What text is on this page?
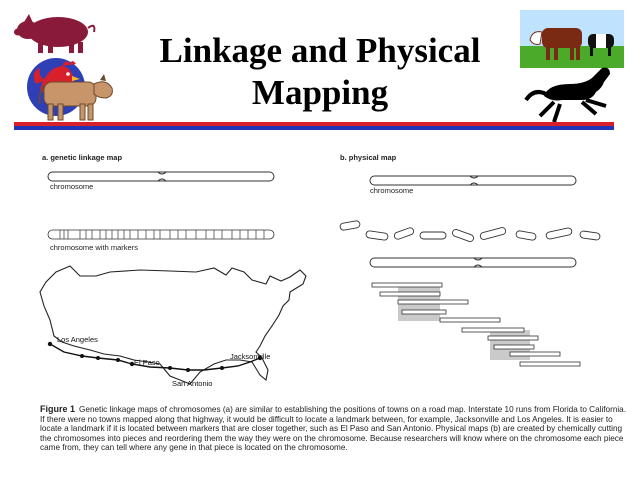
Linkage and Physical
Mapping
a. genetic linkage map
chromosome
chromosome with markers
b. physical map
chromosome
Los Angeles
El Paso
Jacksonville
San Antonio
Figure 1 Genetic linkage maps of chromosomes (a) are similar to establishing the positions of towns on a road map. Interstate 10 runs from Florida to California. If there were no towns mapped along that highway, it would be difficult to locate a landmark between, for example, Jacksonville and Los Angeles. It is easier to locate a landmark if it is located between markers that are closer together, such as El Paso and San Antonio. Physical maps (b) are created by chemically cutting the chromosomes into pieces and reordering them the way they were on the chromosome. Because researchers will know where on the chromosome each piece came from, they can tell where any gene in that piece is located on the chromosome.
